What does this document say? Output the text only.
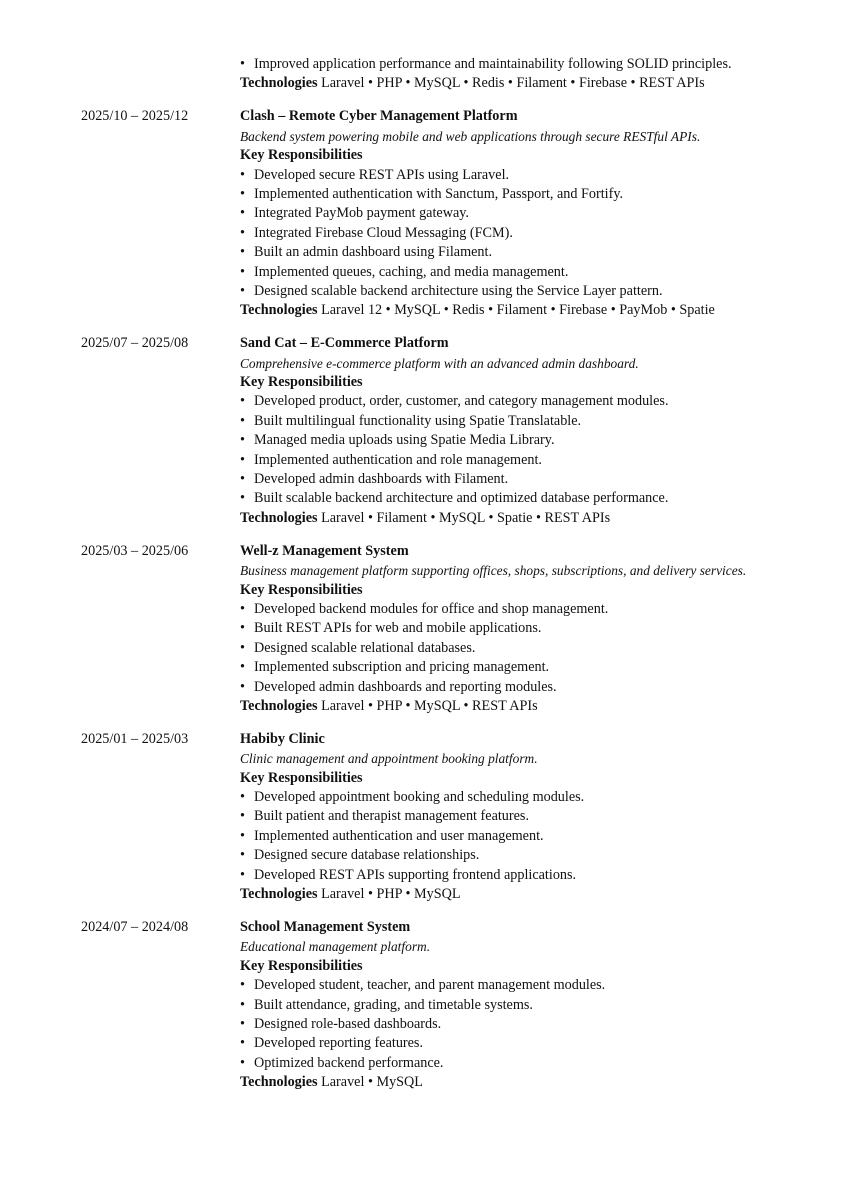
• Improved application performance and maintainability following SOLID principles.
Technologies Laravel • PHP • MySQL • Redis • Filament • Firebase • REST APIs
2025/10 – 2025/12	Clash – Remote Cyber Management Platform
Backend system powering mobile and web applications through secure RESTful APIs.
Key Responsibilities
• Developed secure REST APIs using Laravel.
• Implemented authentication with Sanctum, Passport, and Fortify.
• Integrated PayMob payment gateway.
• Integrated Firebase Cloud Messaging (FCM).
• Built an admin dashboard using Filament.
• Implemented queues, caching, and media management.
• Designed scalable backend architecture using the Service Layer pattern.
Technologies Laravel 12 • MySQL • Redis • Filament • Firebase • PayMob • Spatie
2025/07 – 2025/08	Sand Cat – E-Commerce Platform
Comprehensive e-commerce platform with an advanced admin dashboard.
Key Responsibilities
• Developed product, order, customer, and category management modules.
• Built multilingual functionality using Spatie Translatable.
• Managed media uploads using Spatie Media Library.
• Implemented authentication and role management.
• Developed admin dashboards with Filament.
• Built scalable backend architecture and optimized database performance.
Technologies Laravel • Filament • MySQL • Spatie • REST APIs
2025/03 – 2025/06	Well-z Management System
Business management platform supporting offices, shops, subscriptions, and delivery services.
Key Responsibilities
• Developed backend modules for office and shop management.
• Built REST APIs for web and mobile applications.
• Designed scalable relational databases.
• Implemented subscription and pricing management.
• Developed admin dashboards and reporting modules.
Technologies Laravel • PHP • MySQL • REST APIs
2025/01 – 2025/03	Habiby Clinic
Clinic management and appointment booking platform.
Key Responsibilities
• Developed appointment booking and scheduling modules.
• Built patient and therapist management features.
• Implemented authentication and user management.
• Designed secure database relationships.
• Developed REST APIs supporting frontend applications.
Technologies Laravel • PHP • MySQL
2024/07 – 2024/08	School Management System
Educational management platform.
Key Responsibilities
• Developed student, teacher, and parent management modules.
• Built attendance, grading, and timetable systems.
• Designed role-based dashboards.
• Developed reporting features.
• Optimized backend performance.
Technologies Laravel • MySQL
